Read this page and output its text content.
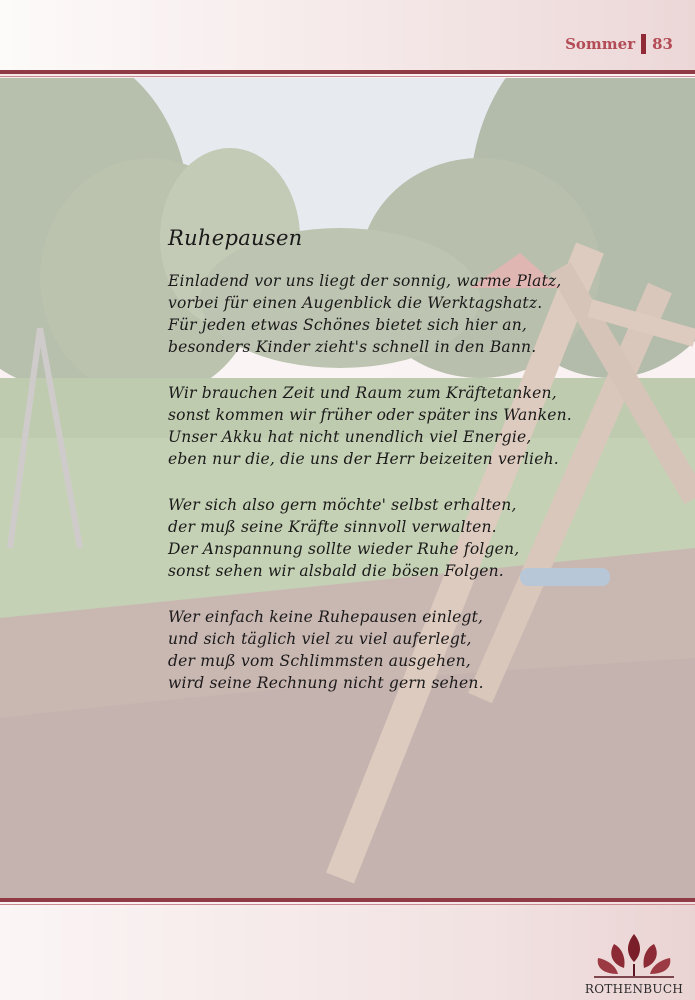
Sommer 83
Ruhepausen
Einladend vor uns liegt der sonnig, warme Platz,
vorbei für einen Augenblick die Werktagshatz.
Für jeden etwas Schönes bietet sich hier an,
besonders Kinder zieht's schnell in den Bann.
Wir brauchen Zeit und Raum zum Kräftetanken,
sonst kommen wir früher oder später ins Wanken.
Unser Akku hat nicht unendlich viel Energie,
eben nur die, die uns der Herr beizeiten verlieh.
Wer sich also gern möchte' selbst erhalten,
der muß seine Kräfte sinnvoll verwalten.
Der Anspannung sollte wieder Ruhe folgen,
sonst sehen wir alsbald die bösen Folgen.
Wer einfach keine Ruhepausen einlegt,
und sich täglich viel zu viel auferlegt,
der muß vom Schlimmsten ausgehen,
wird seine Rechnung nicht gern sehen.
ROTHENBUCH
